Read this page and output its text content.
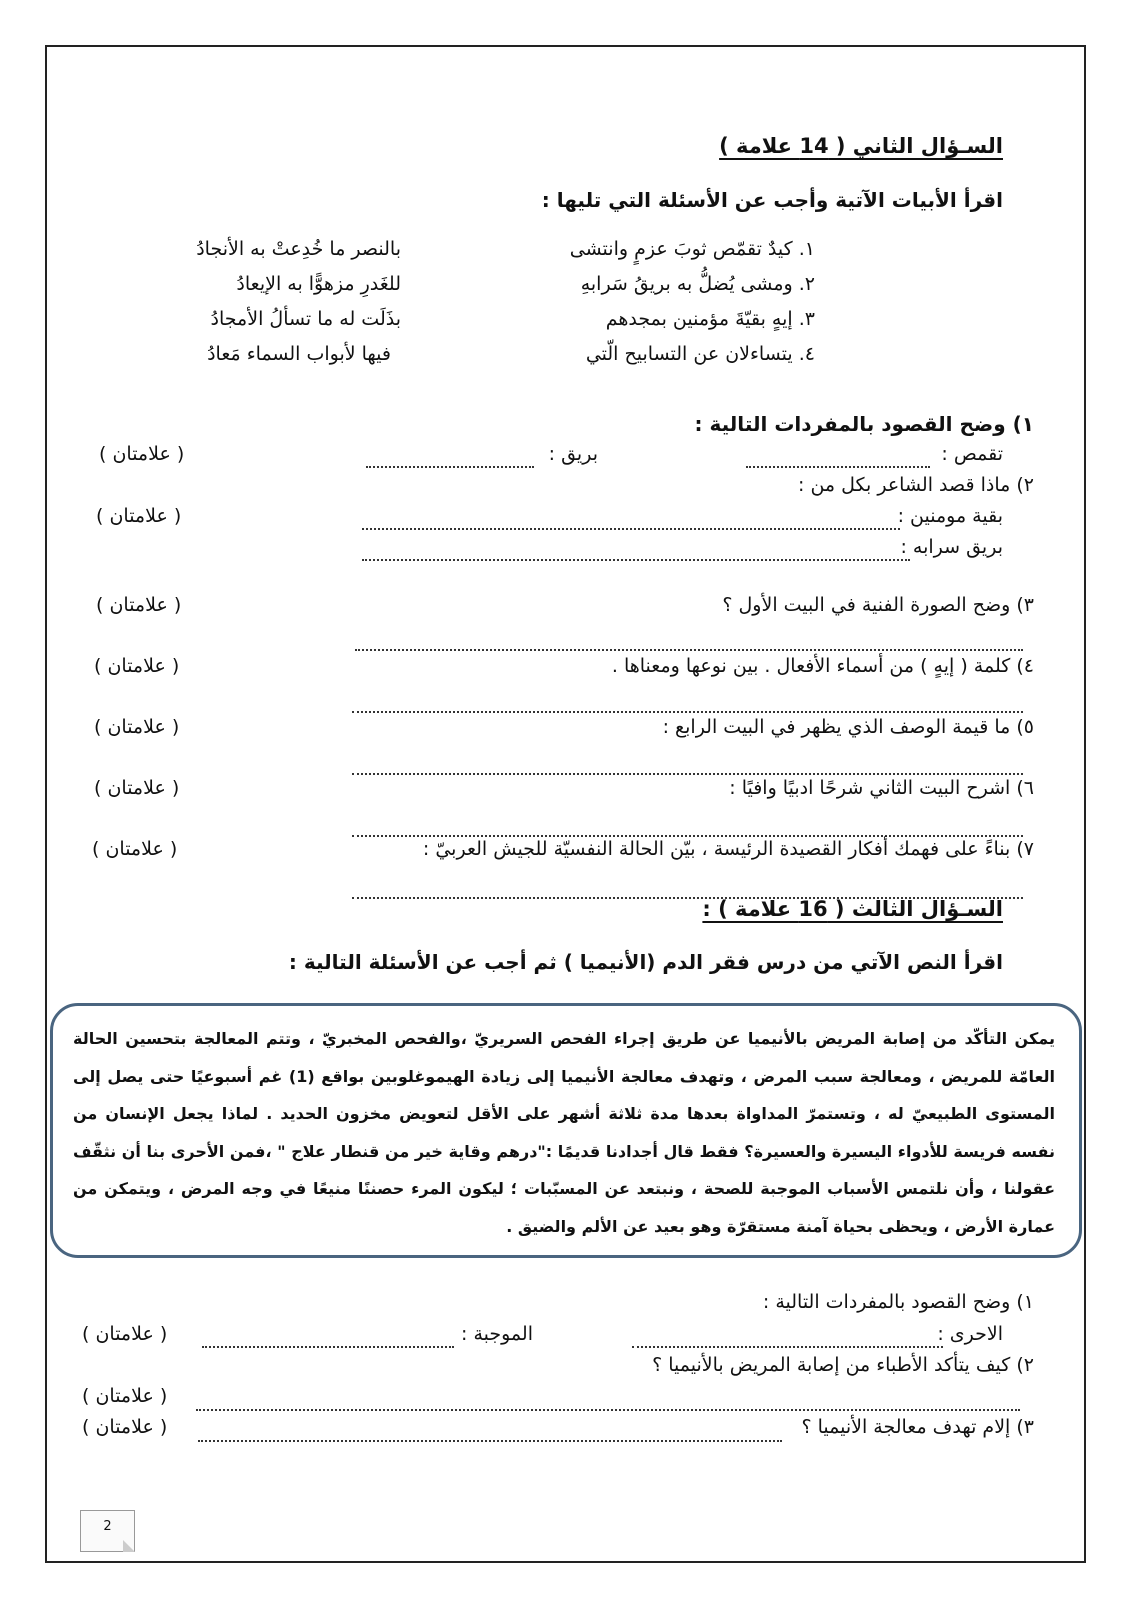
السـؤال الثاني ( 14 علامة )
اقرأ الأبيات الآتية وأجب عن الأسئلة التي تليها :
١. كيدٌ تقمّص ثوبَ عزمٍ وانتشى
٢. ومشى يُضلُّ به بريقُ سَرابهِ
٣. إيهٍ بقيّةَ مؤمنين بمجدهم
٤. يتساءلان عن التسابيح الّتي
بالنصر ما خُدِعتْ به الأنجادُ
للغَدرِ مزهوًّا به الإيعادُ
بذَلَت له ما تسألُ الأمجادُ
فيها لأبواب السماء مَعادُ
١) وضح القصود بالمفردات التالية :
تقمص :
بريق :
( علامتان )
٢) ماذا قصد الشاعر بكل من :
بقية مومنين :
( علامتان )
بريق سرابه :
٣) وضح الصورة الفنية في البيت الأول ؟
( علامتان )
٤) كلمة ( إيهٍ ) من أسماء الأفعال . بين نوعها ومعناها .
( علامتان )
٥) ما قيمة الوصف الذي يظهر في البيت الرابع :
( علامتان )
٦) اشرح البيت الثاني شرحًا ادبيًا وافيًا :
( علامتان )
٧) بناءً على فهمك أفكار القصيدة الرئيسة ، بيّن الحالة النفسيّة للجيش العربيّ :
( علامتان )
السـؤال الثالث ( 16 علامة ) :
اقرأ النص الآتي من درس فقر الدم (الأنيميا ) ثم أجب عن الأسئلة التالية :
يمكن التأكّد من إصابة المريض بالأنيميا عن طريق إجراء الفحص السريريّ ،والفحص المخبريّ ، وتتم المعالجة بتحسين الحالة العامّة للمريض ، ومعالجة سبب المرض ، وتهدف معالجة الأنيميا إلى زيادة الهيموغلوبين بواقع (1) غم أسبوعيًا حتى يصل إلى المستوى الطبيعيّ له ، وتستمرّ المداواة بعدها مدة ثلاثة أشهر على الأقل لتعويض مخزون الحديد . لماذا يجعل الإنسان من نفسه فريسة للأدواء اليسيرة والعسيرة؟ فقط قال أجدادنا قديمًا :"درهم وقاية خير من قنطار علاج " ،فمن الأحرى بنا أن نثقّف عقولنا ، وأن نلتمس الأسباب الموجبة للصحة ، ونبتعد عن المسبّبات ؛ ليكون المرء حصننًا منيعًا في وجه المرض ، ويتمكن من عمارة الأرض ، ويحظى بحياة آمنة مستقرّة وهو بعيد عن الألم والضيق .
١) وضح القصود بالمفردات التالية :
الاحرى :
الموجبة :
( علامتان )
٢) كيف يتأكد الأطباء من إصابة المريض بالأنيميا ؟
( علامتان )
٣) إلام تهدف معالجة الأنيميا ؟
( علامتان )
2
